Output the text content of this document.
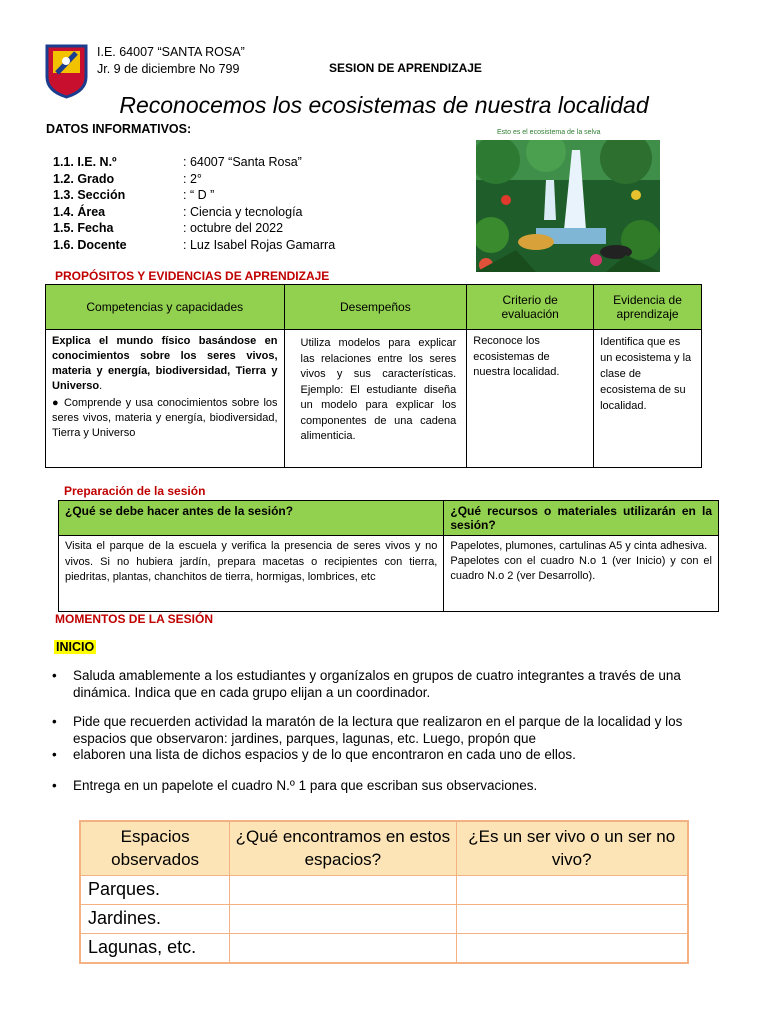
I.E. 64007 “SANTA ROSA”
Jr. 9 de diciembre No 799	SESION DE APRENDIZAJE
Reconocemos los ecosistemas de nuestra localidad
DATOS INFORMATIVOS:
1.1. I.E. N.º	: 64007 “Santa Rosa”
1.2. Grado	: 2°
1.3. Sección	: “ D ”
1.4. Área	: Ciencia y tecnología
1.5. Fecha	: octubre del 2022
1.6. Docente	: Luz Isabel Rojas Gamarra
Esto es el ecosistema de la selva
PROPÓSITOS Y EVIDENCIAS DE APRENDIZAJE
Competencias y capacidades	Desempeños	Criterio de evaluación	Evidencia de aprendizaje

Explica el mundo físico basándose en conocimientos sobre los seres vivos, materia y energía, biodiversidad, Tierra y Universo.
● Comprende y usa conocimientos sobre los seres vivos, materia y energía, biodiversidad, Tierra y Universo	Utiliza modelos para explicar las relaciones entre los seres vivos y sus características. Ejemplo: El estudiante diseña un modelo para explicar los componentes de una cadena alimenticia.	Reconoce los ecosistemas de nuestra localidad.	Identifica que es un ecosistema y la clase de ecosistema de su localidad.
Preparación de la sesión
¿Qué se debe hacer antes de la sesión?	¿Qué recursos o materiales utilizarán en la sesión?
Visita el parque de la escuela y verifica la presencia de seres vivos y no vivos. Si no hubiera jardín, prepara macetas o recipientes con tierra, piedritas, plantas, chanchitos de tierra, hormigas, lombrices, etc	Papelotes, plumones, cartulinas A5 y cinta adhesiva.
Papelotes con el cuadro N.o 1 (ver Inicio) y con el cuadro N.o 2 (ver Desarrollo).
MOMENTOS DE LA SESIÓN
INICIO
• Saluda amablemente a los estudiantes y organízalos en grupos de cuatro integrantes a través de una dinámica. Indica que en cada grupo elijan a un coordinador.
• Pide que recuerden actividad la maratón de la lectura que realizaron en el parque de la localidad y los espacios que observaron: jardines, parques, lagunas, etc. Luego, propón que
• elaboren una lista de dichos espacios y de lo que encontraron en cada uno de ellos.
• Entrega en un papelote el cuadro N.º 1 para que escriban sus observaciones.
Espacios observados	¿Qué encontramos en estos espacios?	¿Es un ser vivo o un ser no vivo?
Parques.		
Jardines.		
Lagunas, etc.		
